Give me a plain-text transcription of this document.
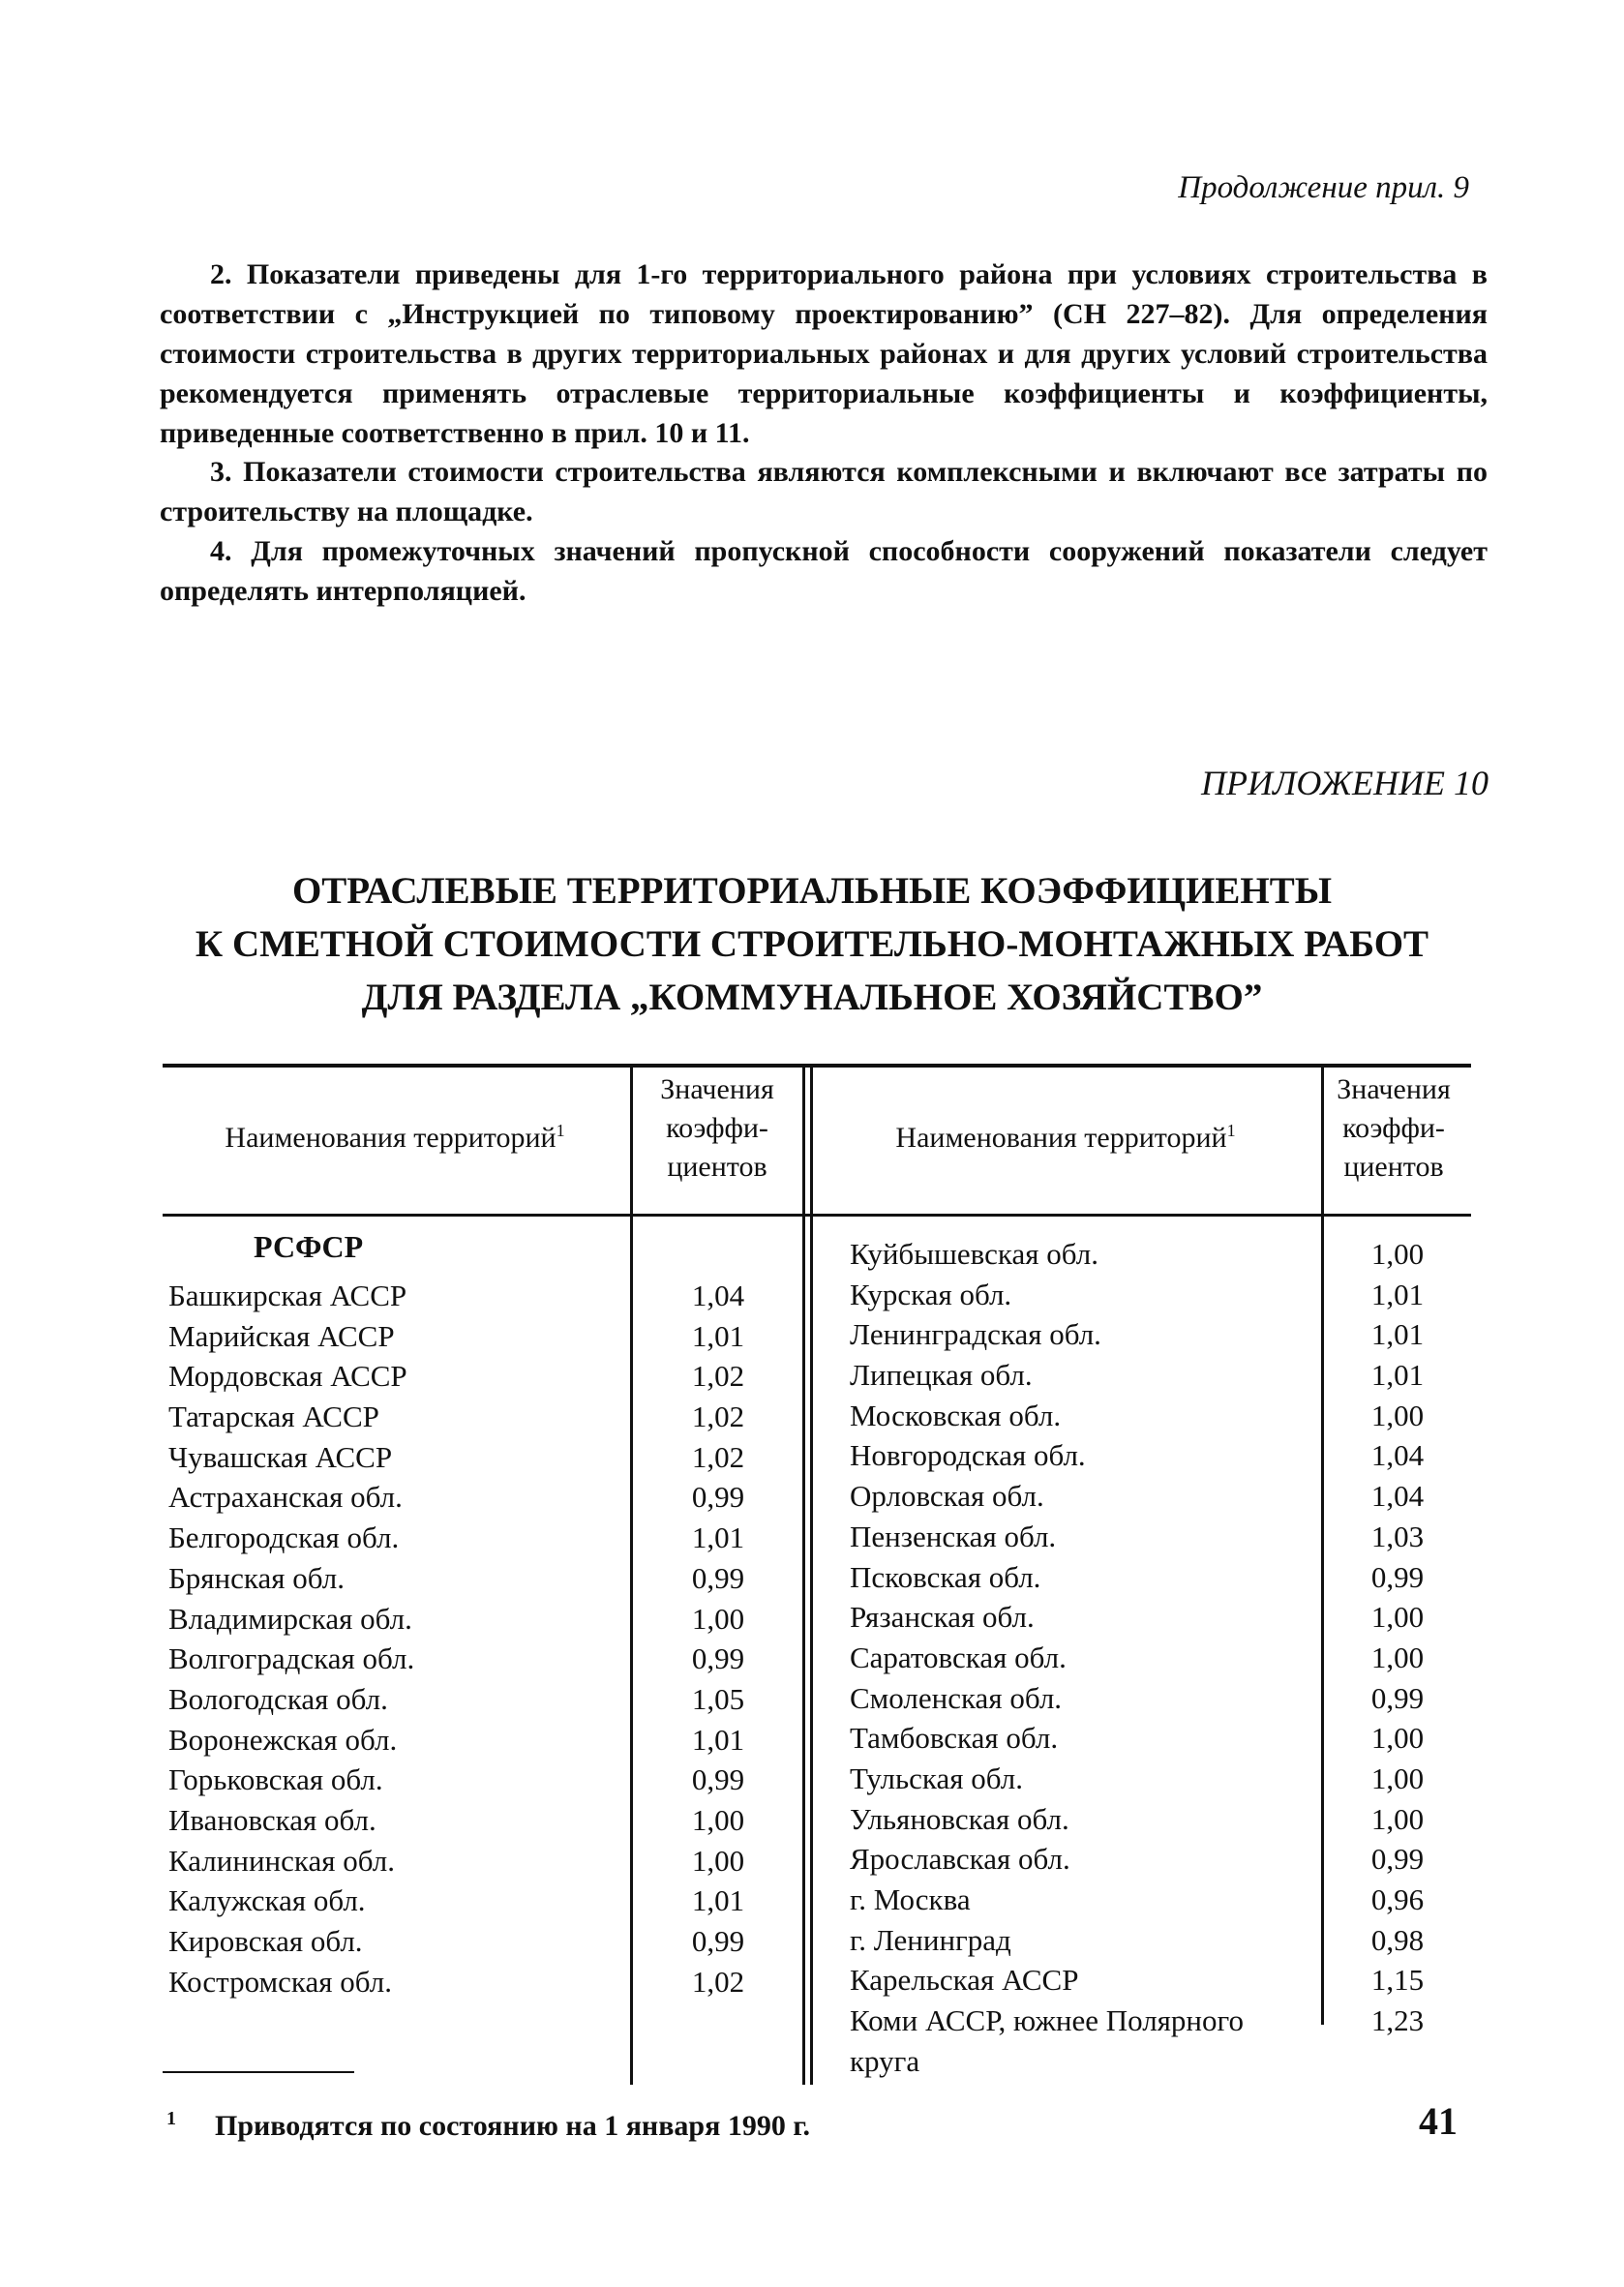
Продолжение прил. 9
2. Показатели приведены для 1-го территориального района при условиях строительства в соответствии с „Инструкцией по типовому проектированию” (СН 227–82). Для определения стоимости строительства в других территориальных районах и для других условий строительства рекомендуется применять отраслевые территориальные коэффициенты и коэффициенты, приведенные соответственно в прил. 10 и 11.
3. Показатели стоимости строительства являются комплексными и включают все затраты по строительству на площадке.
4. Для промежуточных значений пропускной способности сооружений показатели следует определять интерполяцией.
ПРИЛОЖЕНИЕ 10
ОТРАСЛЕВЫЕ ТЕРРИТОРИАЛЬНЫЕ КОЭФФИЦИЕНТЫ
К СМЕТНОЙ СТОИМОСТИ СТРОИТЕЛЬНО-МОНТАЖНЫХ РАБОТ
ДЛЯ РАЗДЕЛА „КОММУНАЛЬНОЕ ХОЗЯЙСТВО”
Наименования территорий$^1$
Значения
коэффи-
циентов
Наименования территорий$^1$
Значения
коэффи-
циентов
РСФСР
Башкирская АССР
Марийская АССР
Мордовская АССР
Татарская АССР
Чувашская АССР
Астраханская обл.
Белгородская обл.
Брянская обл.
Владимирская обл.
Волгоградская обл.
Вологодская обл.
Воронежская обл.
Горьковская обл.
Ивановская обл.
Калининская обл.
Калужская обл.
Кировская обл.
Костромская обл.
1,04
1,01
1,02
1,02
1,02
0,99
1,01
0,99
1,00
0,99
1,05
1,01
0,99
1,00
1,00
1,01
0,99
1,02
Куйбышевская обл.
Курская обл.
Ленинградская обл.
Липецкая обл.
Московская обл.
Новгородская обл.
Орловская обл.
Пензенская обл.
Псковская обл.
Рязанская обл.
Саратовская обл.
Смоленская обл.
Тамбовская обл.
Тульская обл.
Ульяновская обл.
Ярославская обл.
г. Москва
г. Ленинград
Карельская АССР
Коми АССР, южнее Полярного
круга
1,00
1,01
1,01
1,01
1,00
1,04
1,04
1,03
0,99
1,00
1,00
0,99
1,00
1,00
1,00
0,99
0,96
0,98
1,15
1,23
1 Приводятся по состоянию на 1 января 1990 г.	41
